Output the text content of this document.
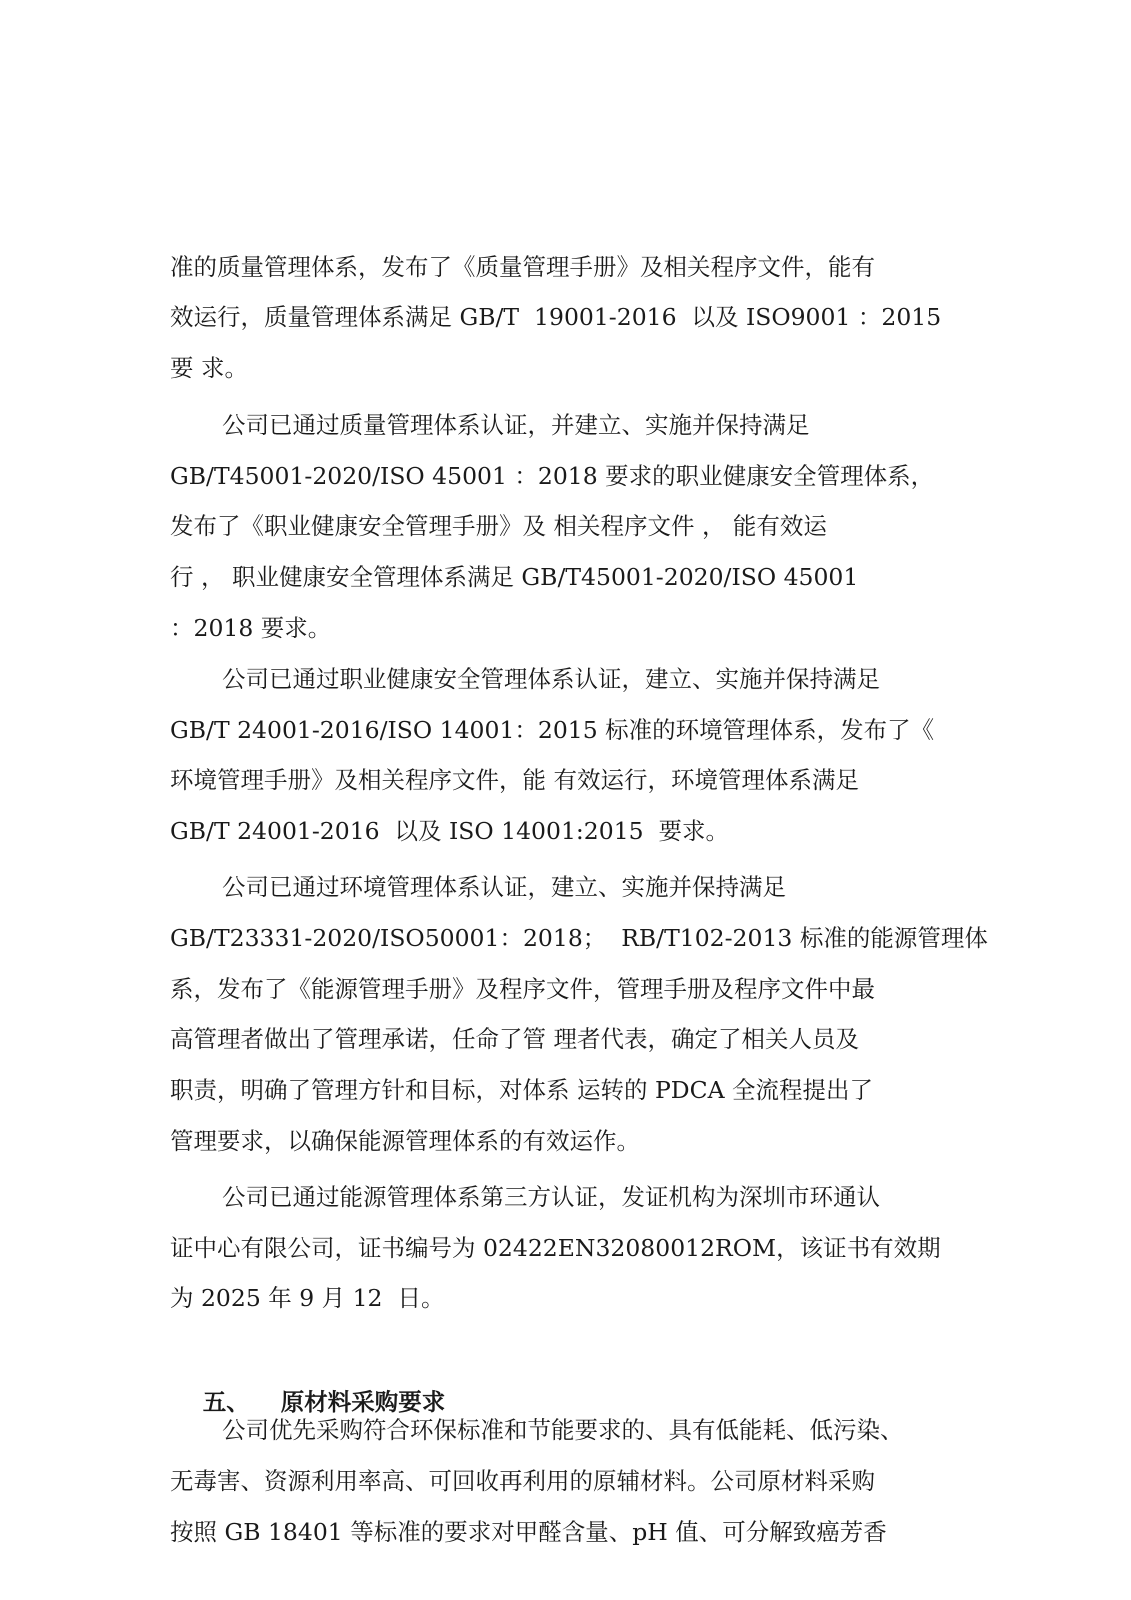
准的质量管理体系，发布了《质量管理手册》及相关程序文件，能有
效运行，质量管理体系满足 GB/T  19001-2016  以及 ISO9001 ：2015
要 求。
公司已通过质量管理体系认证，并建立、实施并保持满足
GB/T45001-2020/ISO 45001 ：2018 要求的职业健康安全管理体系，
发布了《职业健康安全管理手册》及 相关程序文件 ， 能有效运
行 ， 职业健康安全管理体系满足 GB/T45001-2020/ISO 45001
：2018 要求。
公司已通过职业健康安全管理体系认证，建立、实施并保持满足
GB/T 24001-2016/ISO 14001：2015 标准的环境管理体系，发布了《
环境管理手册》及相关程序文件，能 有效运行，环境管理体系满足
GB/T 24001-2016  以及 ISO 14001:2015  要求。
公司已通过环境管理体系认证，建立、实施并保持满足
GB/T23331-2020/ISO50001：2018；  RB/T102-2013 标准的能源管理体
系，发布了《能源管理手册》及程序文件，管理手册及程序文件中最
高管理者做出了管理承诺，任命了管 理者代表，确定了相关人员及
职责，明确了管理方针和目标，对体系 运转的 PDCA 全流程提出了
管理要求，以确保能源管理体系的有效运作。
公司已通过能源管理体系第三方认证，发证机构为深圳市环通认
证中心有限公司，证书编号为 02422EN32080012ROM，该证书有效期
为 2025 年 9 月 12  日。

五、 原材料采购要求

公司优先采购符合环保标准和节能要求的、具有低能耗、低污染、
无毒害、资源利用率高、可回收再利用的原辅材料。公司原材料采购
按照 GB 18401 等标准的要求对甲醛含量、pH 值、可分解致癌芳香
